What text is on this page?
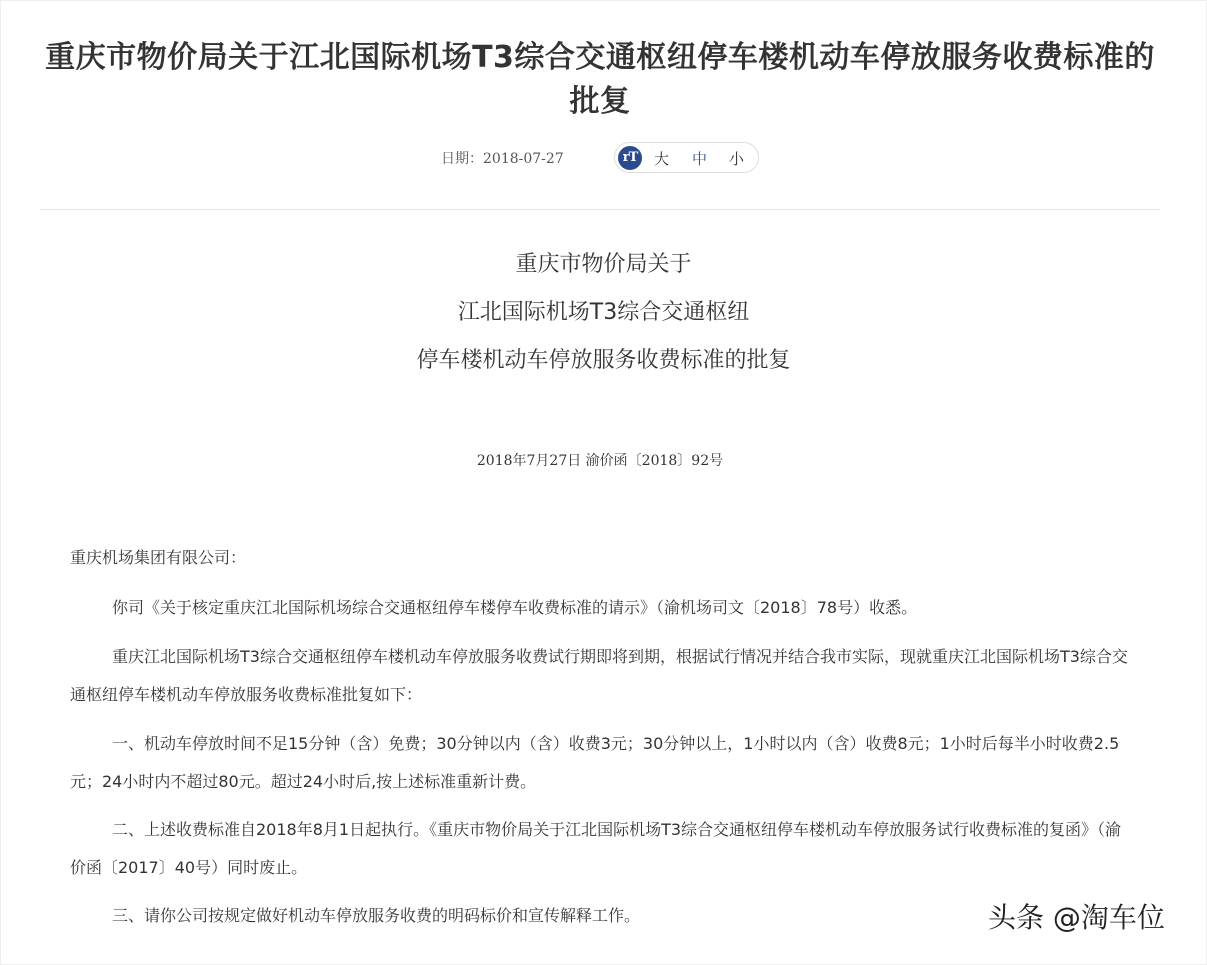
重庆市物价局关于江北国际机场T3综合交通枢纽停车楼机动车停放服务收费标准的批复
日期：2018-07-27	rT	大 中 小
重庆市物价局关于
江北国际机场T3综合交通枢纽
停车楼机动车停放服务收费标准的批复
2018年7月27日 渝价函〔2018〕92号

重庆机场集团有限公司：

你司《关于核定重庆江北国际机场综合交通枢纽停车楼停车收费标准的请示》（渝机场司文〔2018〕78号）收悉。

重庆江北国际机场T3综合交通枢纽停车楼机动车停放服务收费试行期即将到期，根据试行情况并结合我市实际，现就重庆江北国际机场T3综合交通枢纽停车楼机动车停放服务收费标准批复如下：

一、机动车停放时间不足15分钟（含）免费；30分钟以内（含）收费3元；30分钟以上，1小时以内（含）收费8元；1小时后每半小时收费2.5元；24小时内不超过80元。超过24小时后,按上述标准重新计费。

二、上述收费标准自2018年8月1日起执行。《重庆市物价局关于江北国际机场T3综合交通枢纽停车楼机动车停放服务试行收费标准的复函》（渝价函〔2017〕40号）同时废止。

三、请你公司按规定做好机动车停放服务收费的明码标价和宣传解释工作。	头条 @淘车位
